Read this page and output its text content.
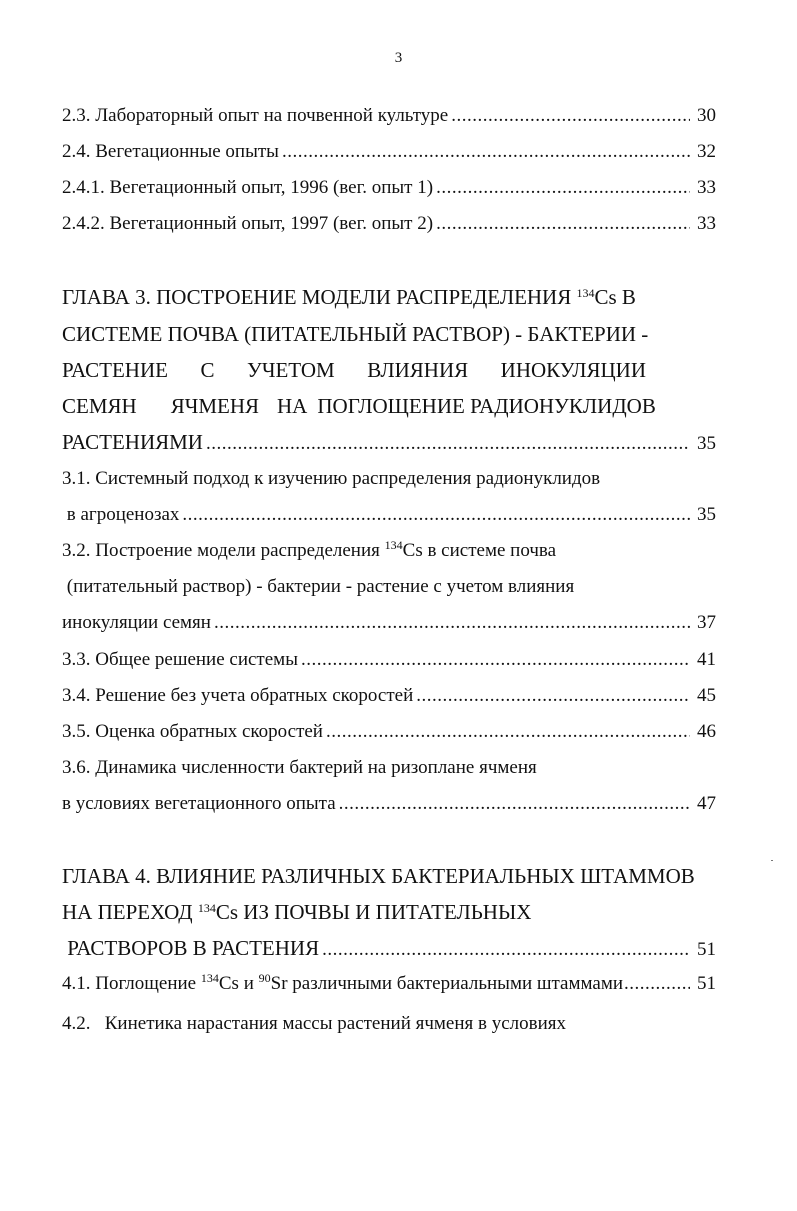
3
2.3. Лабораторный опыт на почвенной культуре .....	30
2.4. Вегетационные опыты .....	32
2.4.1. Вегетационный опыт, 1996 (вег. опыт 1) .....	33
2.4.2. Вегетационный опыт, 1997 (вег. опыт 2) .....	33
ГЛАВА 3. ПОСТРОЕНИЕ МОДЕЛИ РАСПРЕДЕЛЕНИЯ $^{134}$Cs В
СИСТЕМЕ ПОЧВА (ПИТАТЕЛЬНЫЙ РАСТВОР) - БАКТЕРИИ -
РАСТЕНИЕ С УЧЕТОМ ВЛИЯНИЯ ИНОКУЛЯЦИИ
СЕМЯН ЯЧМЕНЯ НА ПОГЛОЩЕНИЕ РАДИОНУКЛИДОВ
РАСТЕНИЯМИ .....	35
3.1. Системный подход к изучению распределения радионуклидов
в агроценозах .....	35
3.2. Построение модели распределения $^{134}$Cs в системе почва
(питательный раствор) - бактерии - растение с учетом влияния
инокуляции семян .....	37
3.3. Общее решение системы .....	41
3.4. Решение без учета обратных скоростей .....	45
3.5. Оценка обратных скоростей .....	46
3.6. Динамика численности бактерий на ризоплане ячменя
в условиях вегетационного опыта .....	47
ГЛАВА 4. ВЛИЯНИЕ РАЗЛИЧНЫХ БАКТЕРИАЛЬНЫХ ШТАММОВ
НА ПЕРЕХОД $^{134}$Cs ИЗ ПОЧВЫ И ПИТАТЕЛЬНЫХ
РАСТВОРОВ В РАСТЕНИЯ .....	51
4.1. Поглощение $^{134}$Cs и $^{90}$Sr различными бактериальными штаммами .....	51
4.2.   Кинетика нарастания массы растений ячменя в условиях
